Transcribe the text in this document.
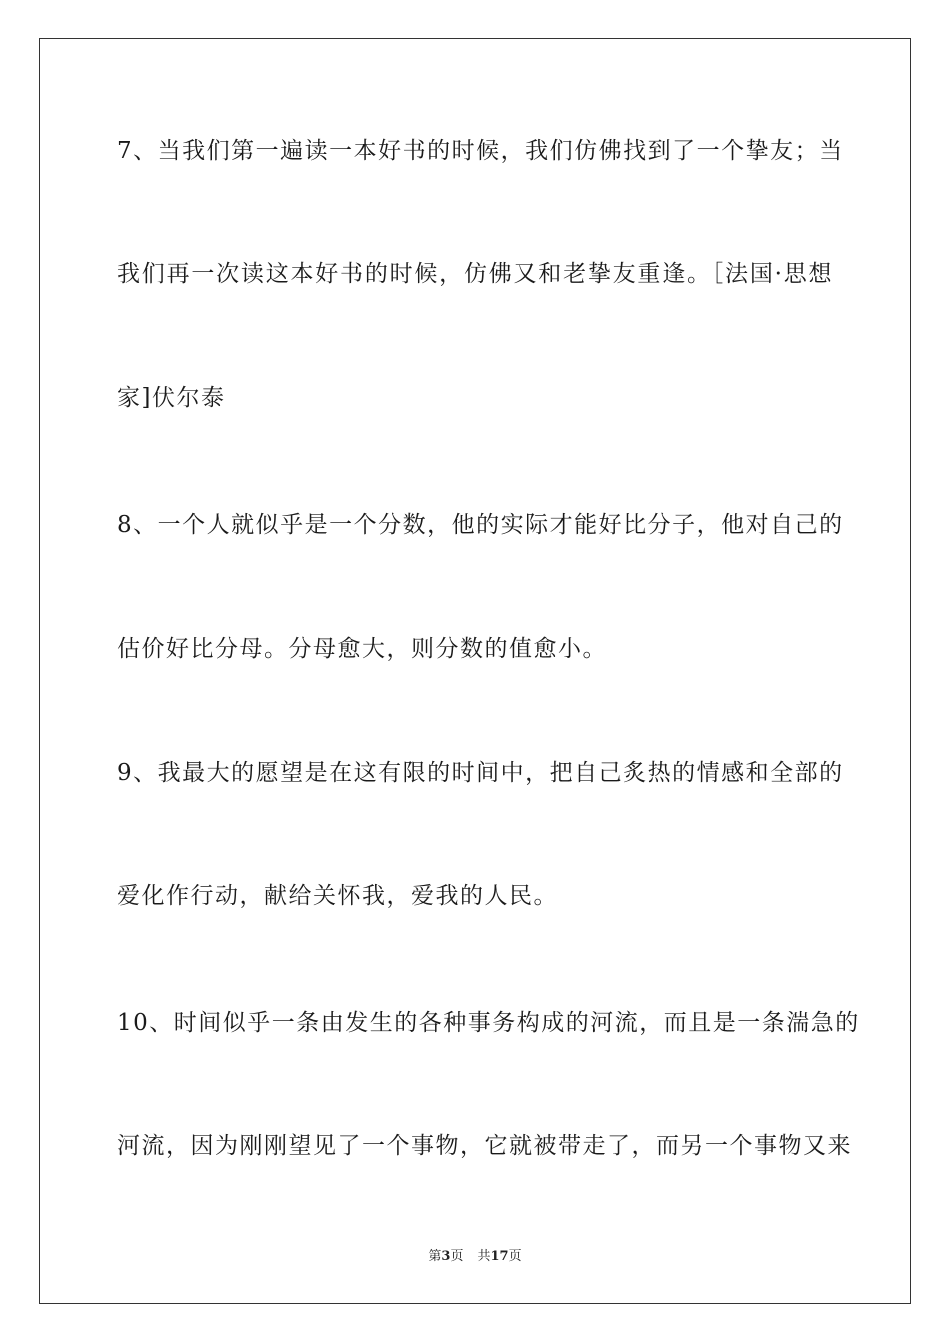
7、当我们第一遍读一本好书的时候，我们仿佛找到了一个挚友；当
我们再一次读这本好书的时候，仿佛又和老挚友重逢。［法国·思想
家]伏尔泰
8、一个人就似乎是一个分数，他的实际才能好比分子，他对自己的
估价好比分母。分母愈大，则分数的值愈小。
9、我最大的愿望是在这有限的时间中，把自己炙热的情感和全部的
爱化作行动，献给关怀我，爱我的人民。
10、时间似乎一条由发生的各种事务构成的河流，而且是一条湍急的
河流，因为刚刚望见了一个事物，它就被带走了，而另一个事物又来
第3页 共17页
